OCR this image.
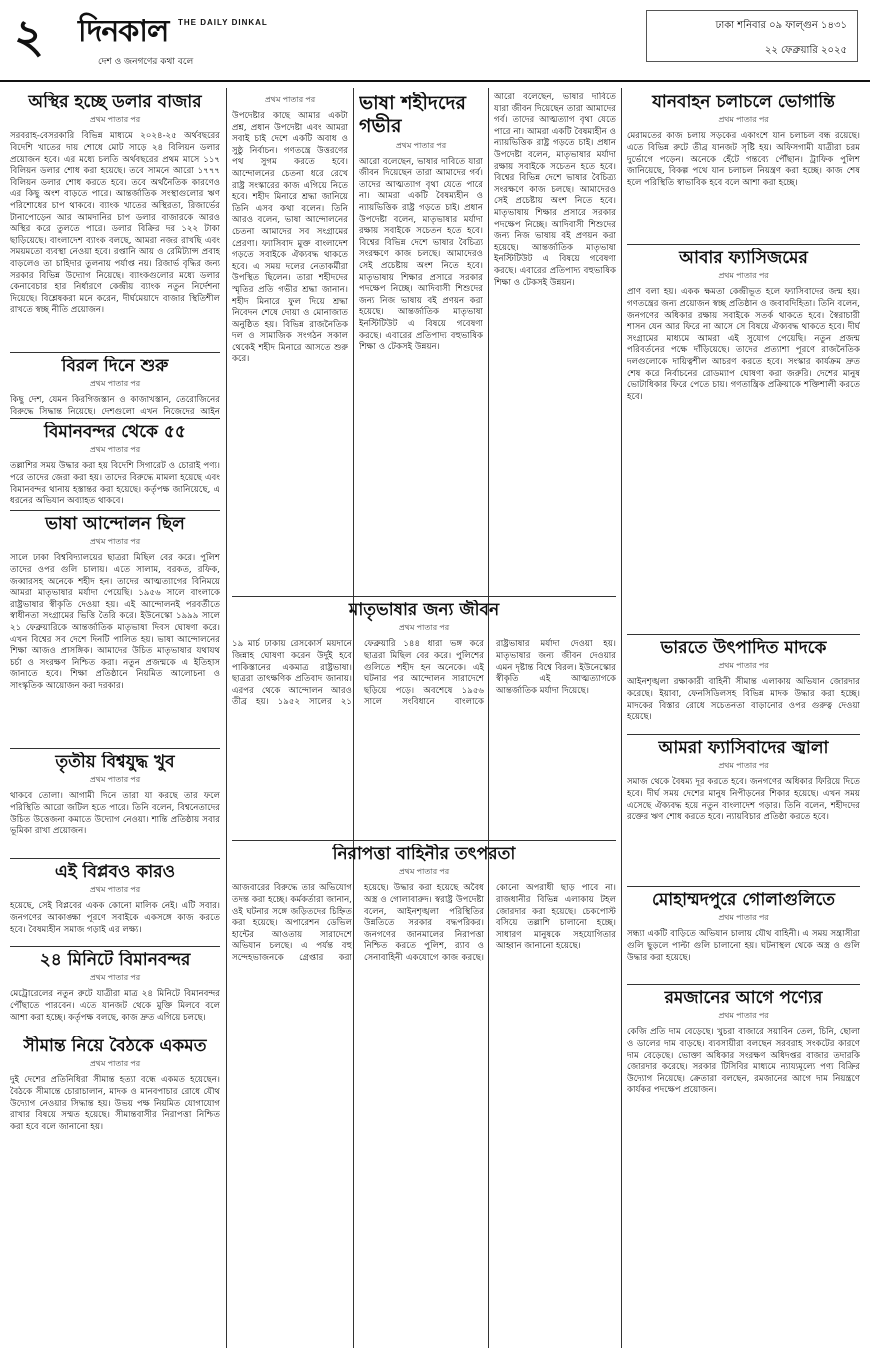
২ দিনকাল THE DAILY DINKAL
দেশ ও জনগণের কথা বলে
ঢাকা শনিবার ০৯ ফাল্গুন ১৪৩১
২২ ফেব্রুয়ারি ২০২৫
অস্থির হচ্ছে ডলার বাজার
প্রথম পাতার পর
সরবরাহ-বেসরকারি বিভিন্ন মাধ্যমে ২০২৪-২৫ অর্থবছরের বিদেশি খাতের দায় শোধে মোট সাড়ে ২৪ বিলিয়ন ডলার প্রয়োজন হবে। এর মধ্যে চলতি অর্থবছরের প্রথম মাসে ১১৭ বিলিয়ন ডলার শোধ করা হয়েছে। তবে সামনে আরো ১৭৭৭ বিলিয়ন ডলার শোধ করতে হবে। তবে অর্থনৈতিক কারণেও এর কিছু অংশ বাড়তে পারে। আন্তর্জাতিক সংস্থাগুলোর ঋণ পরিশোধের চাপ থাকবে। ব্যাংক খাতের অস্থিরতা, রিজার্ভের টানাপোড়েন আর আমদানির চাপ ডলার বাজারকে আরও অস্থির করে তুলতে পারে। ডলার বিক্রির দর ১২২ টাকা ছাড়িয়েছে। বাংলাদেশ ব্যাংক বলছে, আমরা নজর রাখছি এবং সময়মতো ব্যবস্থা নেওয়া হবে। রপ্তানি আয় ও রেমিট্যান্স প্রবাহ বাড়লেও তা চাহিদার তুলনায় পর্যাপ্ত নয়। রিজার্ভ বৃদ্ধির জন্য সরকার বিভিন্ন উদ্যোগ নিয়েছে। ব্যাংকগুলোর মধ্যে ডলার কেনাবেচার হার নির্ধারণে কেন্দ্রীয় ব্যাংক নতুন নির্দেশনা দিয়েছে। বিশ্লেষকরা মনে করেন, দীর্ঘমেয়াদে বাজার স্থিতিশীল রাখতে স্বচ্ছ নীতি প্রয়োজন।
বিরল দিনে শুরু
প্রথম পাতার পর
কিছু দেশ, যেমন কিরগিজস্তান ও কাজাখস্তান, তেরোজিনের বিরুদ্ধে সিদ্ধান্ত নিয়েছে। দেশগুলো এখন নিজেদের আইন
বিমানবন্দর থেকে ৫৫
প্রথম পাতার পর
তল্লাশির সময় উদ্ধার করা হয় বিদেশি সিগারেট ও চোরাই পণ্য। পরে তাদের জেরা করা হয়। তাদের বিরুদ্ধে মামলা হয়েছে এবং বিমানবন্দর থানায় হস্তান্তর করা হয়েছে। কর্তৃপক্ষ জানিয়েছে, এ ধরনের অভিযান অব্যাহত থাকবে।
ভাষা আন্দোলন ছিল
প্রথম পাতার পর
সালে ঢাকা বিশ্ববিদ্যালয়ের ছাত্ররা মিছিল বের করে। পুলিশ তাদের ওপর গুলি চালায়। এতে সালাম, বরকত, রফিক, জব্বারসহ অনেকে শহীদ হন। তাদের আত্মত্যাগের বিনিময়ে আমরা মাতৃভাষার মর্যাদা পেয়েছি। ১৯৫৬ সালে বাংলাকে রাষ্ট্রভাষার স্বীকৃতি দেওয়া হয়। এই আন্দোলনই পরবর্তীতে স্বাধীনতা সংগ্রামের ভিত্তি তৈরি করে। ইউনেস্কো ১৯৯৯ সালে ২১ ফেব্রুয়ারিকে আন্তর্জাতিক মাতৃভাষা দিবস ঘোষণা করে। এখন বিশ্বের সব দেশে দিনটি পালিত হয়। ভাষা আন্দোলনের শিক্ষা আজও প্রাসঙ্গিক। আমাদের উচিত মাতৃভাষার যথাযথ চর্চা ও সংরক্ষণ নিশ্চিত করা। নতুন প্রজন্মকে এ ইতিহাস জানাতে হবে। শিক্ষা প্রতিষ্ঠানে নিয়মিত আলোচনা ও সাংস্কৃতিক আয়োজন করা দরকার।
তৃতীয় বিশ্বযুদ্ধ খুব
প্রথম পাতার পর
থাকবে তোলা। আগামী দিনে তারা যা করছে তার ফলে পরিস্থিতি আরো জটিল হতে পারে। তিনি বলেন, বিশ্বনেতাদের উচিত উত্তেজনা কমাতে উদ্যোগ নেওয়া। শান্তি প্রতিষ্ঠায় সবার ভূমিকা রাখা প্রয়োজন।
এই বিপ্লবও কারও
প্রথম পাতার পর
হয়েছে, সেই বিপ্লবের একক কোনো মালিক নেই। এটি সবার। জনগণের আকাঙ্ক্ষা পূরণে সবাইকে একসঙ্গে কাজ করতে হবে। বৈষম্যহীন সমাজ গড়াই এর লক্ষ্য।
২৪ মিনিটে বিমানবন্দর
প্রথম পাতার পর
মেট্রোরেলের নতুন রুটে যাত্রীরা মাত্র ২৪ মিনিটে বিমানবন্দর পৌঁছাতে পারবেন। এতে যানজট থেকে মুক্তি মিলবে বলে আশা করা হচ্ছে। কর্তৃপক্ষ বলছে, কাজ দ্রুত এগিয়ে চলছে।
সীমান্ত নিয়ে বৈঠকে একমত
প্রথম পাতার পর
দুই দেশের প্রতিনিধিরা সীমান্ত হত্যা বন্ধে একমত হয়েছেন। বৈঠকে সীমান্তে চোরাচালান, মাদক ও মানবপাচার রোধে যৌথ উদ্যোগ নেওয়ার সিদ্ধান্ত হয়। উভয় পক্ষ নিয়মিত যোগাযোগ রাখার বিষয়ে সম্মত হয়েছে। সীমান্তবাসীর নিরাপত্তা নিশ্চিত করা হবে বলে জানানো হয়।
প্রথম পাতার পর
উপদেষ্টার কাছে আমার একটা প্রশ্ন, প্রধান উপদেষ্টা এবং আমরা সবাই চাই দেশে একটি অবাধ ও সুষ্ঠু নির্বাচন। গণতন্ত্রে উত্তরণের পথ সুগম করতে হবে। আন্দোলনের চেতনা ধরে রেখে রাষ্ট্র সংস্কারের কাজ এগিয়ে নিতে হবে। শহীদ মিনারে শ্রদ্ধা জানিয়ে তিনি এসব কথা বলেন। তিনি আরও বলেন, ভাষা আন্দোলনের চেতনা আমাদের সব সংগ্রামের প্রেরণা। ফ্যাসিবাদ মুক্ত বাংলাদেশ গড়তে সবাইকে ঐক্যবদ্ধ থাকতে হবে। এ সময় দলের নেতাকর্মীরা উপস্থিত ছিলেন। তারা শহীদদের স্মৃতির প্রতি গভীর শ্রদ্ধা জানান। শহীদ মিনারে ফুল দিয়ে শ্রদ্ধা নিবেদন শেষে দোয়া ও মোনাজাত অনুষ্ঠিত হয়। বিভিন্ন রাজনৈতিক দল ও সামাজিক সংগঠন সকাল থেকেই শহীদ মিনারে আসতে শুরু করে।
ভাষা শহীদদের গভীর
প্রথম পাতার পর
আরো বলেছেন, ভাষার দাবিতে যারা জীবন দিয়েছেন তারা আমাদের গর্ব। তাদের আত্মত্যাগ বৃথা যেতে পারে না। আমরা একটি বৈষম্যহীন ও ন্যায়ভিত্তিক রাষ্ট্র গড়তে চাই। প্রধান উপদেষ্টা বলেন, মাতৃভাষার মর্যাদা রক্ষায় সবাইকে সচেতন হতে হবে। বিশ্বের বিভিন্ন দেশে ভাষার বৈচিত্র্য সংরক্ষণে কাজ চলছে। আমাদেরও সেই প্রচেষ্টায় অংশ নিতে হবে। মাতৃভাষায় শিক্ষার প্রসারে সরকার পদক্ষেপ নিচ্ছে। আদিবাসী শিশুদের জন্য নিজ ভাষায় বই প্রণয়ন করা হয়েছে। আন্তর্জাতিক মাতৃভাষা ইনস্টিটিউট এ বিষয়ে গবেষণা করছে। এবারের প্রতিপাদ্য বহুভাষিক শিক্ষা ও টেকসই উন্নয়ন।
আরো বলেছেন, ভাষার দাবিতে যারা জীবন দিয়েছেন তারা আমাদের গর্ব। তাদের আত্মত্যাগ বৃথা যেতে পারে না। আমরা একটি বৈষম্যহীন ও ন্যায়ভিত্তিক রাষ্ট্র গড়তে চাই। প্রধান উপদেষ্টা বলেন, মাতৃভাষার মর্যাদা রক্ষায় সবাইকে সচেতন হতে হবে। বিশ্বের বিভিন্ন দেশে ভাষার বৈচিত্র্য সংরক্ষণে কাজ চলছে। আমাদেরও সেই প্রচেষ্টায় অংশ নিতে হবে। মাতৃভাষায় শিক্ষার প্রসারে সরকার পদক্ষেপ নিচ্ছে। আদিবাসী শিশুদের জন্য নিজ ভাষায় বই প্রণয়ন করা হয়েছে। আন্তর্জাতিক মাতৃভাষা ইনস্টিটিউট এ বিষয়ে গবেষণা করছে। এবারের প্রতিপাদ্য বহুভাষিক শিক্ষা ও টেকসই উন্নয়ন।
মাতৃভাষার জন্য জীবন
প্রথম পাতার পর
১৯ মার্চ ঢাকায় রেসকোর্স ময়দানে জিন্নাহ ঘোষণা করেন উর্দুই হবে পাকিস্তানের একমাত্র রাষ্ট্রভাষা। ছাত্ররা তাৎক্ষণিক প্রতিবাদ জানায়। এরপর থেকে আন্দোলন আরও তীব্র হয়। ১৯৫২ সালের ২১ ফেব্রুয়ারি ১৪৪ ধারা ভঙ্গ করে ছাত্ররা মিছিল বের করে। পুলিশের গুলিতে শহীদ হন অনেকে। এই ঘটনার পর আন্দোলন সারাদেশে ছড়িয়ে পড়ে। অবশেষে ১৯৫৬ সালে সংবিধানে বাংলাকে রাষ্ট্রভাষার মর্যাদা দেওয়া হয়। মাতৃভাষার জন্য জীবন দেওয়ার এমন দৃষ্টান্ত বিশ্বে বিরল। ইউনেস্কোর স্বীকৃতি এই আত্মত্যাগকে আন্তর্জাতিক মর্যাদা দিয়েছে।
নিরাপত্তা বাহিনীর তৎপরতা
প্রথম পাতার পর
আজবারের বিরুদ্ধে তার অভিযোগ তদন্ত করা হচ্ছে। কর্মকর্তারা জানান, ওই ঘটনার সঙ্গে জড়িতদের চিহ্নিত করা হয়েছে। অপারেশন ডেভিল হান্টের আওতায় সারাদেশে অভিযান চলছে। এ পর্যন্ত বহু সন্দেহভাজনকে গ্রেপ্তার করা হয়েছে। উদ্ধার করা হয়েছে অবৈধ অস্ত্র ও গোলাবারুদ। স্বরাষ্ট্র উপদেষ্টা বলেন, আইনশৃঙ্খলা পরিস্থিতির উন্নতিতে সরকার বদ্ধপরিকর। জনগণের জানমালের নিরাপত্তা নিশ্চিত করতে পুলিশ, র‌্যাব ও সেনাবাহিনী একযোগে কাজ করছে। কোনো অপরাধী ছাড় পাবে না। রাজধানীর বিভিন্ন এলাকায় টহল জোরদার করা হয়েছে। চেকপোস্ট বসিয়ে তল্লাশি চালানো হচ্ছে। সাধারণ মানুষকে সহযোগিতার আহ্বান জানানো হয়েছে।
যানবাহন চলাচলে ভোগান্তি
প্রথম পাতার পর
মেরামতের কাজ চলায় সড়কের একাংশে যান চলাচল বন্ধ রয়েছে। এতে বিভিন্ন রুটে তীব্র যানজট সৃষ্টি হয়। অফিসগামী যাত্রীরা চরম দুর্ভোগে পড়েন। অনেকে হেঁটে গন্তব্যে পৌঁছান। ট্রাফিক পুলিশ জানিয়েছে, বিকল্প পথে যান চলাচল নিয়ন্ত্রণ করা হচ্ছে। কাজ শেষ হলে পরিস্থিতি স্বাভাবিক হবে বলে আশা করা হচ্ছে।
আবার ফ্যাসিজমের
প্রথম পাতার পর
প্রাণ বলা হয়। একক ক্ষমতা কেন্দ্রীভূত হলে ফ্যাসিবাদের জন্ম হয়। গণতন্ত্রের জন্য প্রয়োজন স্বচ্ছ প্রতিষ্ঠান ও জবাবদিহিতা। তিনি বলেন, জনগণের অধিকার রক্ষায় সবাইকে সতর্ক থাকতে হবে। স্বৈরাচারী শাসন যেন আর ফিরে না আসে সে বিষয়ে ঐক্যবদ্ধ থাকতে হবে। দীর্ঘ সংগ্রামের মাধ্যমে আমরা এই সুযোগ পেয়েছি। নতুন প্রজন্ম পরিবর্তনের পক্ষে দাঁড়িয়েছে। তাদের প্রত্যাশা পূরণে রাজনৈতিক দলগুলোকে দায়িত্বশীল আচরণ করতে হবে। সংস্কার কার্যক্রম দ্রুত শেষ করে নির্বাচনের রোডম্যাপ ঘোষণা করা জরুরি। দেশের মানুষ ভোটাধিকার ফিরে পেতে চায়। গণতান্ত্রিক প্রক্রিয়াকে শক্তিশালী করতে হবে।
ভারতে উৎপাদিত মাদকে
প্রথম পাতার পর
আইনশৃঙ্খলা রক্ষাকারী বাহিনী সীমান্ত এলাকায় অভিযান জোরদার করেছে। ইয়াবা, ফেনসিডিলসহ বিভিন্ন মাদক উদ্ধার করা হচ্ছে। মাদকের বিস্তার রোধে সচেতনতা বাড়ানোর ওপর গুরুত্ব দেওয়া হয়েছে।
আমরা ফ্যাসিবাদের জ্বালা
প্রথম পাতার পর
সমাজ থেকে বৈষম্য দূর করতে হবে। জনগণের অধিকার ফিরিয়ে দিতে হবে। দীর্ঘ সময় দেশের মানুষ নিপীড়নের শিকার হয়েছে। এখন সময় এসেছে ঐক্যবদ্ধ হয়ে নতুন বাংলাদেশ গড়ার। তিনি বলেন, শহীদদের রক্তের ঋণ শোধ করতে হবে। ন্যায়বিচার প্রতিষ্ঠা করতে হবে।
মোহাম্মদপুরে গোলাগুলিতে
প্রথম পাতার পর
সন্ধ্যা একটি বাড়িতে অভিযান চালায় যৌথ বাহিনী। এ সময় সন্ত্রাসীরা গুলি ছুড়লে পাল্টা গুলি চালানো হয়। ঘটনাস্থল থেকে অস্ত্র ও গুলি উদ্ধার করা হয়েছে।
রমজানের আগে পণ্যের
প্রথম পাতার পর
কেজি প্রতি দাম বেড়েছে। খুচরা বাজারে সয়াবিন তেল, চিনি, ছোলা ও ডালের দাম বাড়ছে। ব্যবসায়ীরা বলছেন সরবরাহ সংকটের কারণে দাম বেড়েছে। ভোক্তা অধিকার সংরক্ষণ অধিদপ্তর বাজার তদারকি জোরদার করেছে। সরকার টিসিবির মাধ্যমে ন্যায্যমূল্যে পণ্য বিক্রির উদ্যোগ নিয়েছে। ক্রেতারা বলছেন, রমজানের আগে দাম নিয়ন্ত্রণে কার্যকর পদক্ষেপ প্রয়োজন।
